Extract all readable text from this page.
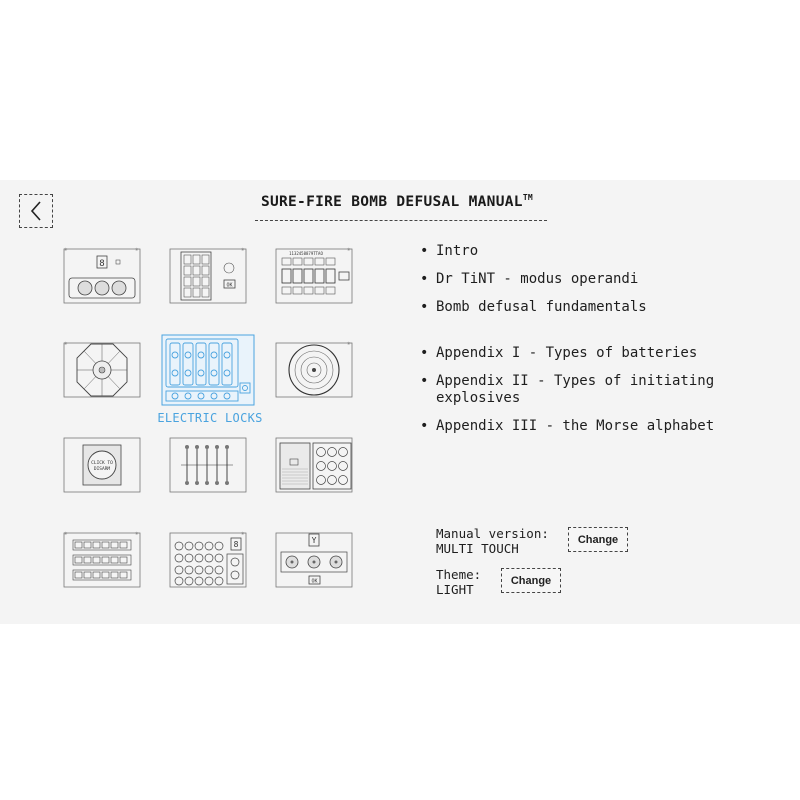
SURE-FIRE BOMB DEFUSAL MANUAL™
✳	✳
8
✳
OK
✳
1132458879TTAO
✳
ELECTRIC LOCKS
✳
CLICK TO
DISARM
✳	✳	✳
8	Y
OK
• Intro
• Dr TiNT - modus operandi
• Bomb defusal fundamentals
• Appendix I - Types of batteries
• Appendix II - Types of initiating explosives
• Appendix III - the Morse alphabet
Manual version:
MULTI TOUCH
Change
Theme:
LIGHT
Change
